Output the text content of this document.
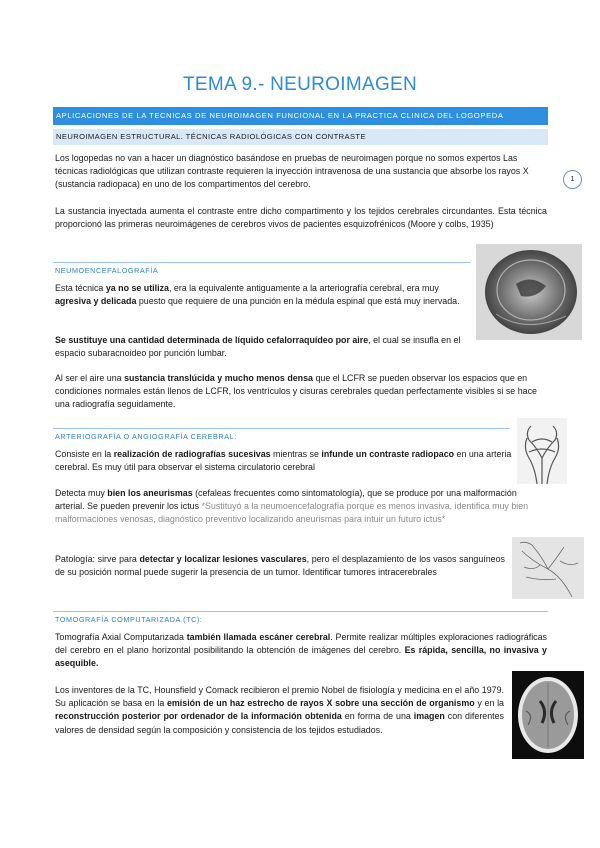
TEMA 9.- NEUROIMAGEN
APLICACIONES DE LA TECNICAS DE NEUROIMAGEN FUNCIONAL EN LA PRACTICA CLINICA DEL LOGOPEDA
NEUROIMAGEN ESTRUCTURAL. TÉCNICAS RADIOLÓGICAS CON CONTRASTE
1
Los logopedas no van a hacer un diagnóstico basándose en pruebas de neuroimagen porque no somos expertos Las técnicas radiológicas que utilizan contraste requieren la inyección intravenosa de una sustancia que absorbe los rayos X (sustancia radiopaca) en uno de los compartimentos del cerebro.
La sustancia inyectada aumenta el contraste entre dicho compartimento y los tejidos cerebrales circundantes. Esta técnica proporcionó las primeras neuroimágenes de cerebros vivos de pacientes esquizofrénicos (Moore y colbs, 1935)
NEUMOENCEFALOGRAFÍA
Esta técnica ya no se utiliza, era la equivalente antiguamente a la arteriografía cerebral, era muy agresiva y delicada puesto que requiere de una punción en la médula espinal que está muy inervada.
Se sustituye una cantidad determinada de líquido cefalorraquídeo por aire, el cual se insufla en el espacio subaracnoideo por punción lumbar.
Al ser el aire una sustancia translúcida y mucho menos densa que el LCFR se pueden observar los espacios que en condiciones normales están llenos de LCFR, los ventrículos y cisuras cerebrales quedan perfectamente visibles si se hace una radiografía seguidamente.
ARTERIOGRAFÍA O ANGIOGRAFÍA CEREBRAL:
Consiste en la realización de radiografías sucesivas mientras se infunde un contraste radiopaco en una arteria cerebral. Es muy útil para observar el sistema circulatorio cerebral
Detecta muy bien los aneurismas (cefaleas frecuentes como sintomatología), que se produce por una malformación arterial. Se pueden prevenir los ictus *Sustituyó a la neumoencefalografía porque es menos invasiva, identifica muy bien malformaciones venosas, diagnóstico preventivo localizando aneurismas para intuir un futuro ictus*
Patología: sirve para detectar y localizar lesiones vasculares, pero el desplazamiento de los vasos sanguíneos de su posición normal puede sugerir la presencia de un tumor. Identificar tumores intracerebrales
TOMOGRAFÍA COMPUTARIZADA (TC):
Tomografía Axial Computarizada también llamada escáner cerebral. Permite realizar múltiples exploraciones radiográficas del cerebro en el plano horizontal posibilitando la obtención de imágenes del cerebro. Es rápida, sencilla, no invasiva y asequible.
Los inventores de la TC, Hounsfield y Comack recibieron el premio Nobel de fisiología y medicina en el año 1979. Su aplicación se basa en la emisión de un haz estrecho de rayos X sobre una sección de organismo y en la reconstrucción posterior por ordenador de la información obtenida en forma de una imagen con diferentes valores de densidad según la composición y consistencia de los tejidos estudiados.
